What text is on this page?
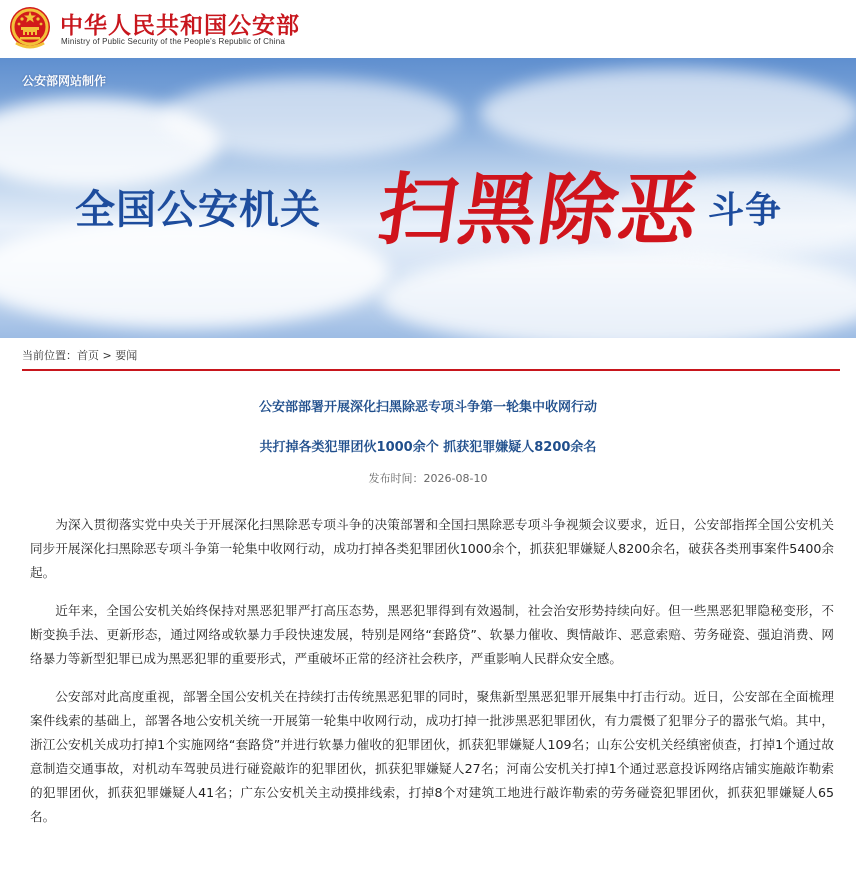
中华人民共和国公安部
Ministry of Public Security of the People's Republic of China
公安部网站制作
全国公安机关 扫黑除恶 斗争
当前位置：首页 > 要闻
公安部部署开展深化扫黑除恶专项斗争第一轮集中收网行动
共打掉各类犯罪团伙1000余个 抓获犯罪嫌疑人8200余名
发布时间：2026-08-10

为深入贯彻落实党中央关于开展深化扫黑除恶专项斗争的决策部署和全国扫黑除恶专项斗争视频会议要求，近日，公安部指挥全国公安机关同步开展深化扫黑除恶专项斗争第一轮集中收网行动，成功打掉各类犯罪团伙1000余个，抓获犯罪嫌疑人8200余名，破获各类刑事案件5400余起。

近年来，全国公安机关始终保持对黑恶犯罪严打高压态势，黑恶犯罪得到有效遏制，社会治安形势持续向好。但一些黑恶犯罪隐秘变形，不断变换手法、更新形态，通过网络或软暴力手段快速发展，特别是网络“套路贷”、软暴力催收、舆情敲诈、恶意索赔、劳务碰瓷、强迫消费、网络暴力等新型犯罪已成为黑恶犯罪的重要形式，严重破坏正常的经济社会秩序，严重影响人民群众安全感。

公安部对此高度重视，部署全国公安机关在持续打击传统黑恶犯罪的同时，聚焦新型黑恶犯罪开展集中打击行动。近日，公安部在全面梳理案件线索的基础上，部署各地公安机关统一开展第一轮集中收网行动，成功打掉一批涉黑恶犯罪团伙，有力震慑了犯罪分子的嚣张气焰。其中，浙江公安机关成功打掉1个实施网络“套路贷”并进行软暴力催收的犯罪团伙，抓获犯罪嫌疑人109名；山东公安机关经缜密侦查，打掉1个通过故意制造交通事故，对机动车驾驶员进行碰瓷敲诈的犯罪团伙，抓获犯罪嫌疑人27名；河南公安机关打掉1个通过恶意投诉网络店铺实施敲诈勒索的犯罪团伙，抓获犯罪嫌疑人41名；广东公安机关主动摸排线索，打掉8个对建筑工地进行敲诈勒索的劳务碰瓷犯罪团伙，抓获犯罪嫌疑人65名。
